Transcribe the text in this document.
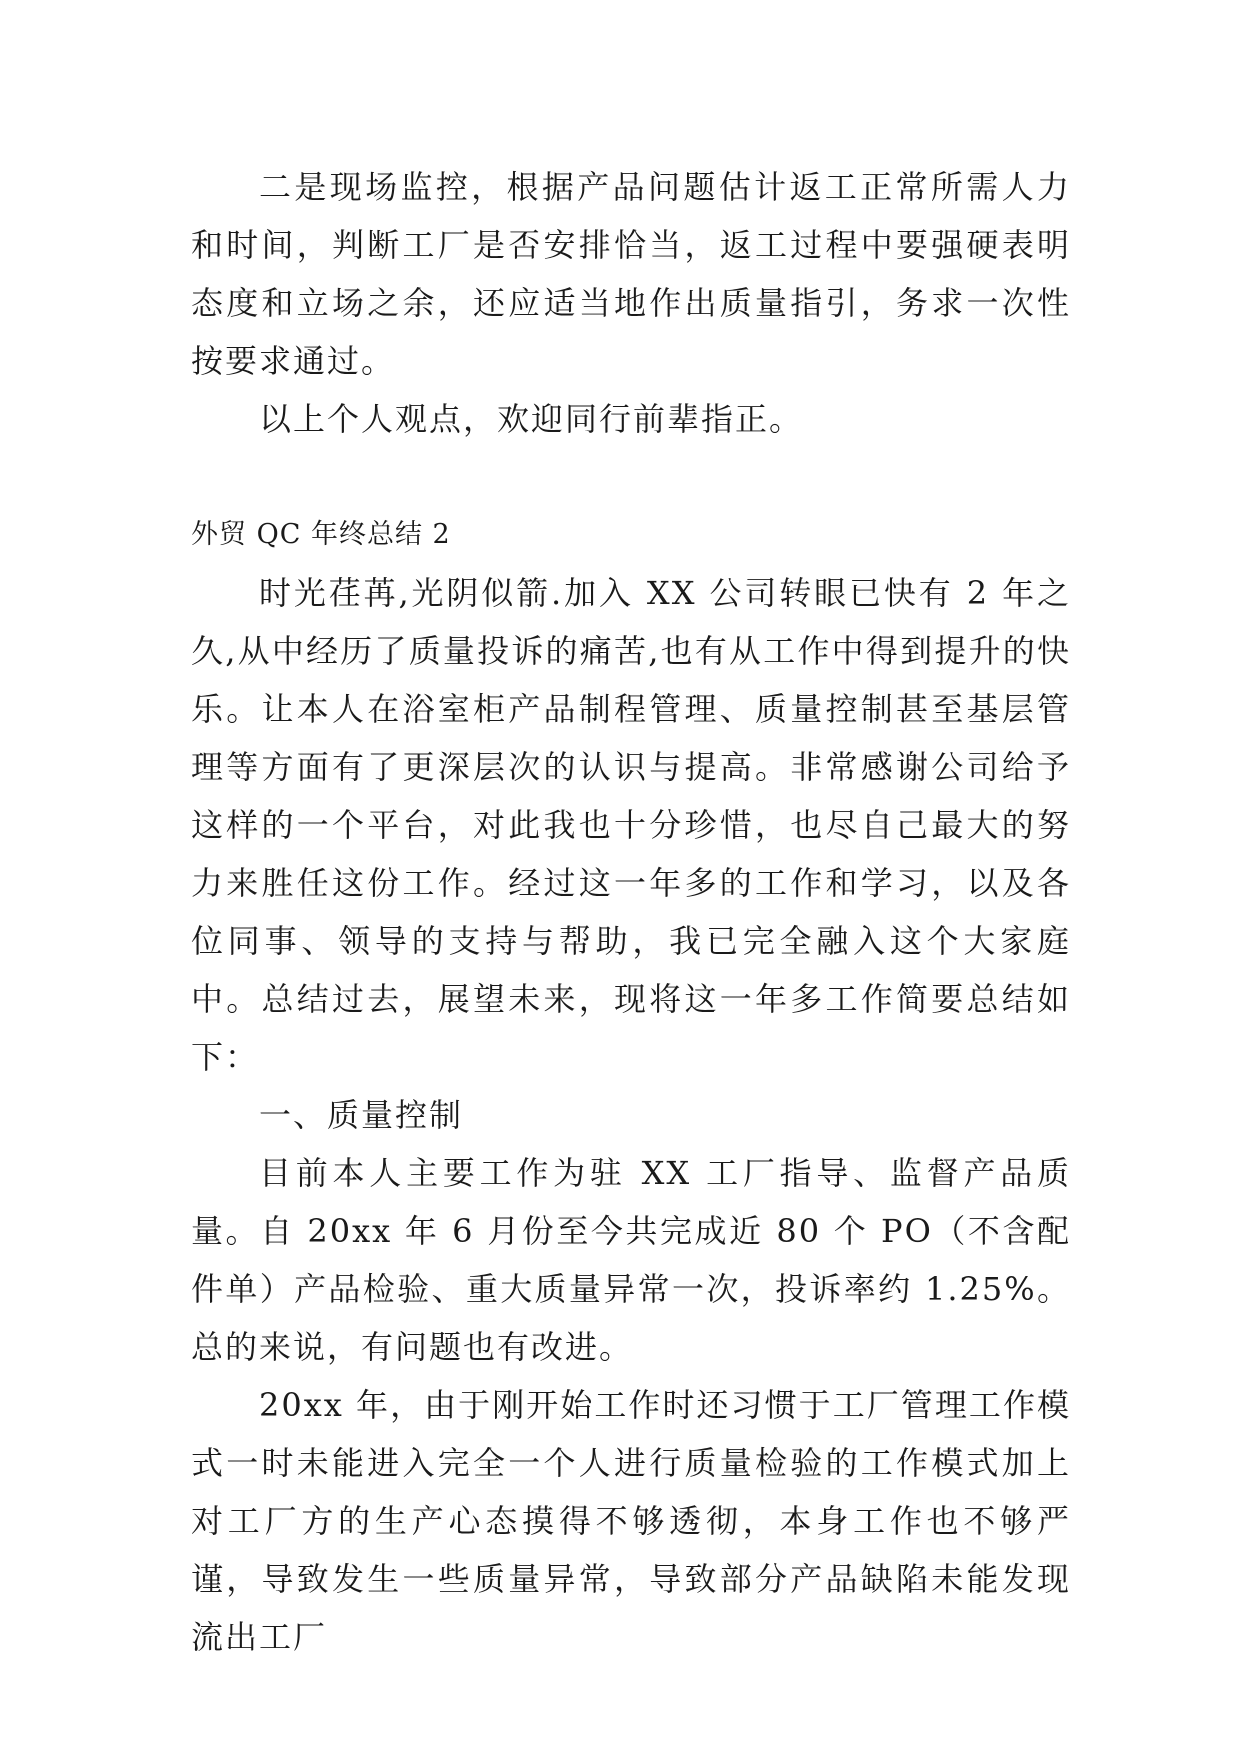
二是现场监控，根据产品问题估计返工正常所需人力和时间，判断工厂是否安排恰当，返工过程中要强硬表明态度和立场之余，还应适当地作出质量指引，务求一次性按要求通过。

以上个人观点，欢迎同行前辈指正。

外贸 QC 年终总结 2

时光荏苒,光阴似箭.加入 XX 公司转眼已快有 2 年之久,从中经历了质量投诉的痛苦,也有从工作中得到提升的快乐。让本人在浴室柜产品制程管理、质量控制甚至基层管理等方面有了更深层次的认识与提高。非常感谢公司给予这样的一个平台，对此我也十分珍惜，也尽自己最大的努力来胜任这份工作。经过这一年多的工作和学习，以及各位同事、领导的支持与帮助，我已完全融入这个大家庭中。总结过去，展望未来，现将这一年多工作简要总结如下：

一、质量控制

目前本人主要工作为驻 XX 工厂指导、监督产品质量。自 20xx 年 6 月份至今共完成近 80 个 PO（不含配件单）产品检验、重大质量异常一次，投诉率约 1.25%。总的来说，有问题也有改进。

20xx 年，由于刚开始工作时还习惯于工厂管理工作模式一时未能进入完全一个人进行质量检验的工作模式加上对工厂方的生产心态摸得不够透彻，本身工作也不够严谨，导致发生一些质量异常，导致部分产品缺陷未能发现流出工厂
